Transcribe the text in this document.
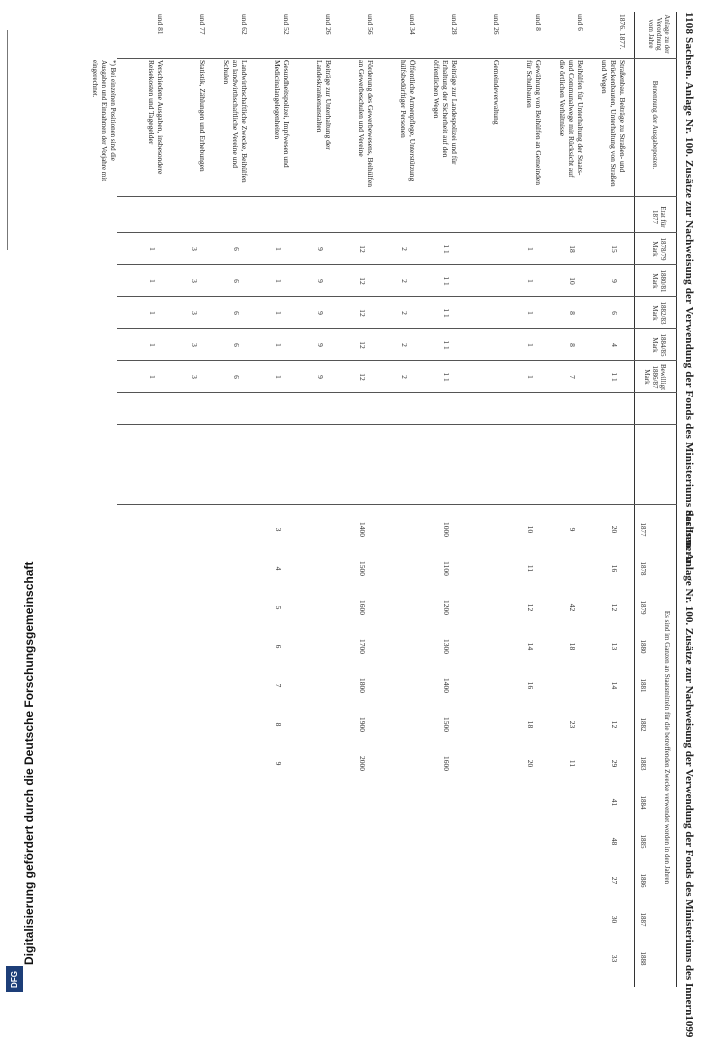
Digitalisierung gefördert durch die Deutsche Forschungsgemeinschaft
DFG
1108 Sachsen. Anlage Nr. 100. Zusätze zur Nachweisung der Verwendung der Fonds des Ministeriums des Innern
Sachsen. Anlage Nr. 100. Zusätze zur Nachweisung der Verwendung der Fonds des Ministeriums des Innern
1099
Es sind im Ganzen an Staatsmitteln für die betreffenden Zwecke verwendet worden in den Jahren
Anlage zu der Verordnung vom Jahre
Benennung der Ausgabeposten.
Etat für 1877
1878/79 Mark
1880/81 Mark
1882/83 Mark
1884/85 Mark
Bewilligt 1886/87 Mark
1877
1878
1879
1880
1881
1882
1883
1884
1885
1886
1887
1888
1876. 1877.
Straßenbau. Beiträge zu Straßen- und Brückenbauten, Unterhaltung von Straßen und Wegen
15
9
6
4
1 1
20
16
12
13
14
12
29
41
48
27
30
33
und 6
Beihülfen für Unterhaltung der Staats- und Communalwege mit Rücksicht auf die örtlichen Verhältnisse
18
10
8
8
7
9
42
18
23
11
und 8
Gewährung von Beihülfen an Gemeinden für Schulbauten
1
1
1
1
1
10
11
12
14
16
18
20
und 26
Gemeindeverwaltung
und 28
Beiträge zur Landespolizei und für Erhaltung der Sicherheit auf den öffentlichen Wegen
1 1
1 1
1 1
1 1
1 1
1000
1100
1200
1300
1400
1500
1600
und 34
Öffentliche Armenpflege, Unterstützung hülfsbedürftiger Personen
2
2
2
2
2
und 56
Förderung des Gewerbewesens, Beihülfen an Gewerbeschulen und Vereine
12
12
12
12
12
1400
1500
1600
1700
1800
1900
2000
und 26
Beiträge zur Unterhaltung der Landeskrankenanstalten
9
9
9
9
9
und 52
Gesundheitspolizei, Impfwesen und Medicinalangelegenheiten
1
1
1
1
1
3
4
5
6
7
8
9
und 62
Landwirthschaftliche Zwecke, Beihülfen an landwirthschaftliche Vereine und Schulen
6
6
6
6
6
und 77
Statistik, Zählungen und Erhebungen
3
3
3
3
3
und 81
Verschiedene Ausgaben, insbesondere Reisekosten und Tagegelder
1
1
1
1
1
*) Bei einzelnen Positionen sind die Ausgaben und Einnahmen der Vorjahre mit eingerechnet.
